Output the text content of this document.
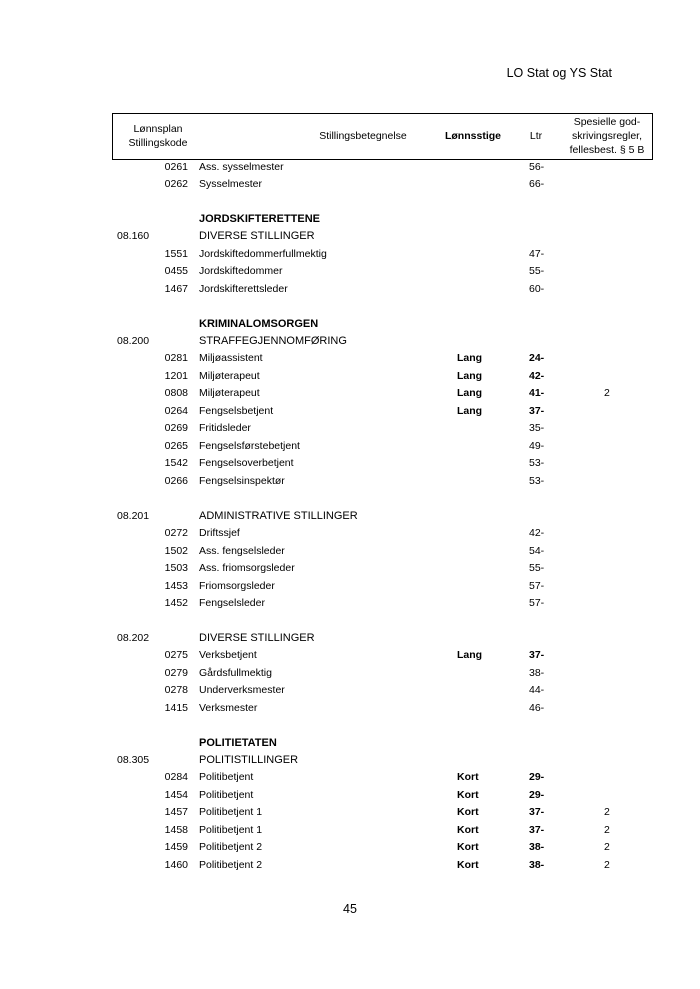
LO Stat og YS Stat
Lønnsplan
Stillingskode
Stillingsbetegnelse	Lønnsstige	Ltr
Spesielle god-
skrivingsregler,
fellesbest. § 5 B
0261 Ass. sysselmester	56-
0262 Sysselmester	66-
JORDSKIFTERETTENE
08.160	DIVERSE STILLINGER
1551 Jordskiftedommerfullmektig	47-
0455 Jordskiftedommer	55-
1467 Jordskifterettsleder	60-
KRIMINALOMSORGEN
08.200	STRAFFEGJENNOMFØRING
0281 Miljøassistent	Lang	24-
1201 Miljøterapeut	Lang	42-
0808 Miljøterapeut	Lang	41-	2
0264 Fengselsbetjent	Lang	37-
0269 Fritidsleder	35-
0265 Fengselsførstebetjent	49-
1542 Fengselsoverbetjent	53-
0266 Fengselsinspektør	53-
08.201	ADMINISTRATIVE STILLINGER
0272 Driftssjef	42-
1502 Ass. fengselsleder	54-
1503 Ass. friomsorgsleder	55-
1453 Friomsorgsleder	57-
1452 Fengselsleder	57-
08.202	DIVERSE STILLINGER
0275 Verksbetjent	Lang	37-
0279 Gårdsfullmektig	38-
0278 Underverksmester	44-
1415 Verksmester	46-
POLITIETATEN
08.305	POLITISTILLINGER
0284 Politibetjent	Kort	29-
1454 Politibetjent	Kort	29-
1457 Politibetjent 1	Kort	37-	2
1458 Politibetjent 1	Kort	37-	2
1459 Politibetjent 2	Kort	38-	2
1460 Politibetjent 2	Kort	38-	2
45
